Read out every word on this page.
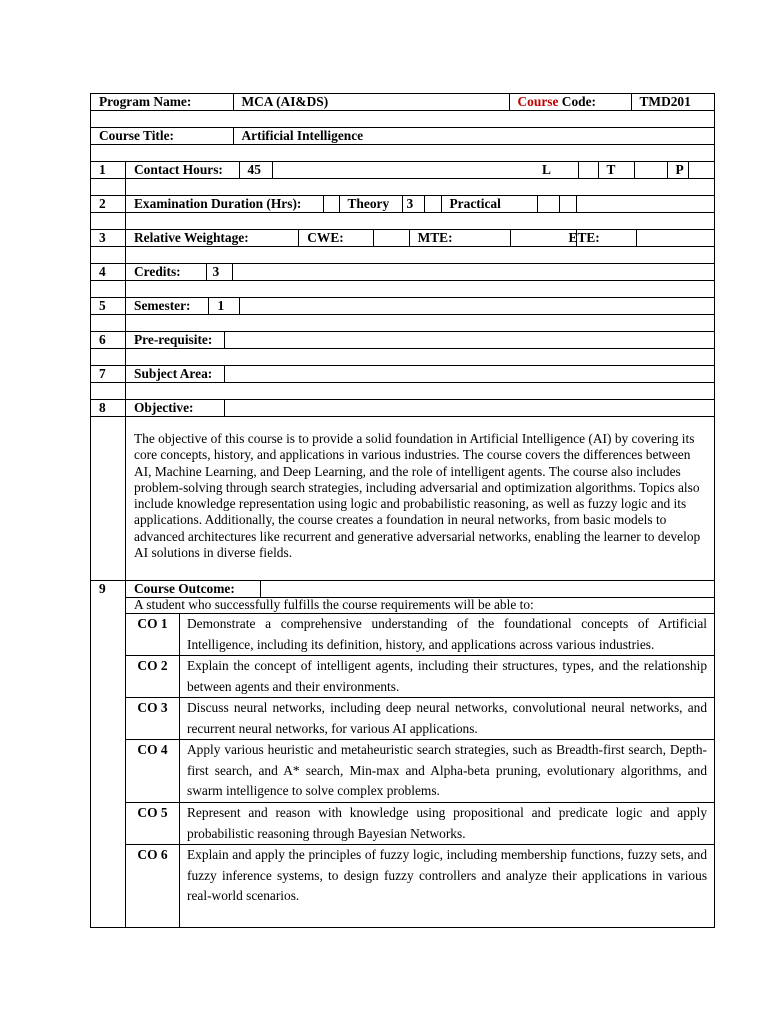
Program Name:	MCA (AI&DS)	Course Code:	TMD201

Course Title:	Artificial Intelligence

1	Contact Hours:	45		L		T		P	

2	Examination Duration (Hrs):		Theory	3		Practical			

3	Relative Weightage:	CWE:		MTE:	ETE:		

4	Credits:	3	

5	Semester:	1	

6	Pre-requisite:	

7	Subject Area:	

8	Objective:	

	The objective of this course is to provide a solid foundation in Artificial Intelligence (AI) by covering its core concepts, history, and applications in various industries. The course covers the differences between AI, Machine Learning, and Deep Learning, and the role of intelligent agents. The course also includes problem-solving through search strategies, including adversarial and optimization algorithms. Topics also include knowledge representation using logic and probabilistic reasoning, as well as fuzzy logic and its applications. Additionally, the course creates a foundation in neural networks, from basic models to advanced architectures like recurrent and generative adversarial networks, enabling the learner to develop AI solutions in diverse fields.
9	Course Outcome:	

A student who successfully fulfills the course requirements will be able to:
CO 1	Demonstrate a comprehensive understanding of the foundational concepts of Artificial Intelligence, including its definition, history, and applications across various industries.
CO 2	Explain the concept of intelligent agents, including their structures, types, and the relationship between agents and their environments.
CO 3	Discuss neural networks, including deep neural networks, convolutional neural networks, and recurrent neural networks, for various AI applications.
CO 4	Apply various heuristic and metaheuristic search strategies, such as Breadth-first search, Depth-first search, and A* search, Min-max and Alpha-beta pruning, evolutionary algorithms, and swarm intelligence to solve complex problems.
CO 5	Represent and reason with knowledge using propositional and predicate logic and apply probabilistic reasoning through Bayesian Networks.
CO 6	Explain and apply the principles of fuzzy logic, including membership functions, fuzzy sets, and fuzzy inference systems, to design fuzzy controllers and analyze their applications in various real-world scenarios.
